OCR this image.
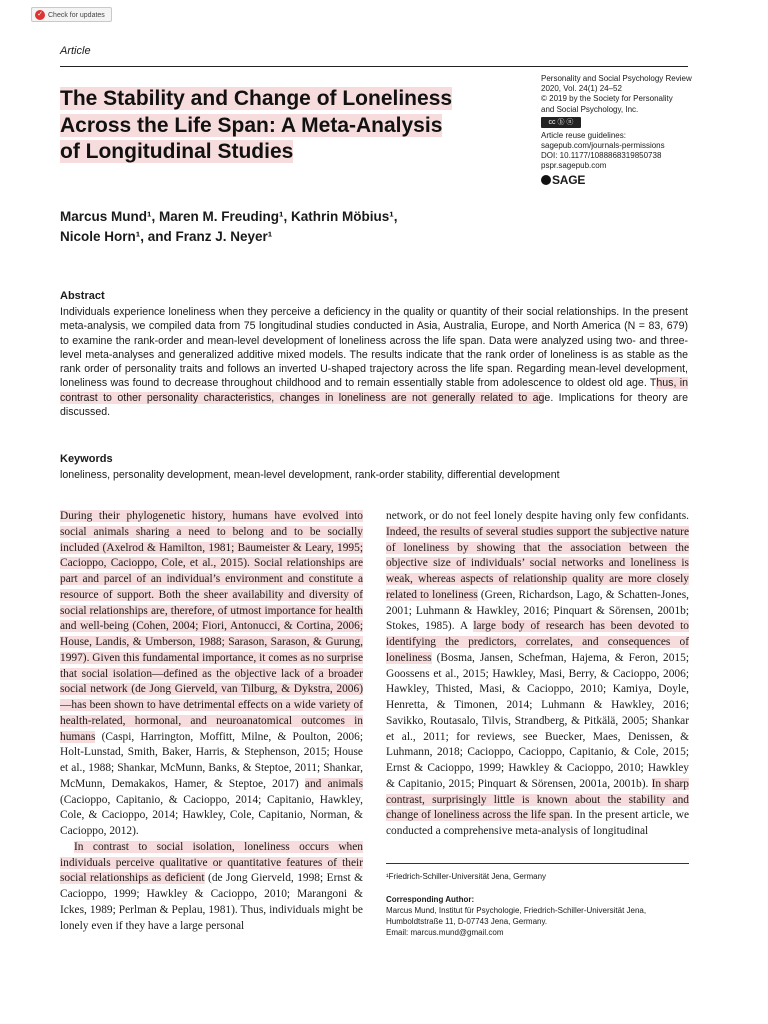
✓ Check for updates
Article
The Stability and Change of Loneliness
Across the Life Span: A Meta-Analysis
of Longitudinal Studies
Personality and Social Psychology Review
2020, Vol. 24(1) 24–52
© 2019 by the Society for Personality
and Social Psychology, Inc.
cc ⓑ ⓝ
Article reuse guidelines:
sagepub.com/journals-permissions
DOI: 10.1177/1088868319850738
pspr.sagepub.com
SAGE
Marcus Mund¹, Maren M. Freuding¹, Kathrin Möbius¹,
Nicole Horn¹, and Franz J. Neyer¹
Abstract
Individuals experience loneliness when they perceive a deficiency in the quality or quantity of their social relationships. In the present meta-analysis, we compiled data from 75 longitudinal studies conducted in Asia, Australia, Europe, and North America (N = 83, 679) to examine the rank-order and mean-level development of loneliness across the life span. Data were analyzed using two- and three-level meta-analyses and generalized additive mixed models. The results indicate that the rank order of loneliness is as stable as the rank order of personality traits and follows an inverted U-shaped trajectory across the life span. Regarding mean-level development, loneliness was found to decrease throughout childhood and to remain essentially stable from adolescence to oldest old age. Thus, in contrast to other personality characteristics, changes in loneliness are not generally related to age. Implications for theory are discussed.
Keywords
loneliness, personality development, mean-level development, rank-order stability, differential development

During their phylogenetic history, humans have evolved into social animals sharing a need to belong and to be socially included (Axelrod & Hamilton, 1981; Baumeister & Leary, 1995; Cacioppo, Cacioppo, Cole, et al., 2015). Social relationships are part and parcel of an individual’s environment and constitute a resource of support. Both the sheer availability and diversity of social relationships are, therefore, of utmost importance for health and well-being (Cohen, 2004; Fiori, Antonucci, & Cortina, 2006; House, Landis, & Umberson, 1988; Sarason, Sarason, & Gurung, 1997). Given this fundamental importance, it comes as no surprise that social isolation—defined as the objective lack of a broader social network (de Jong Gierveld, van Tilburg, & Dykstra, 2006)—has been shown to have detrimental effects on a wide variety of health-related, hormonal, and neuroanatomical outcomes in humans (Caspi, Harrington, Moffitt, Milne, & Poulton, 2006; Holt-Lunstad, Smith, Baker, Harris, & Stephenson, 2015; House et al., 1988; Shankar, McMunn, Banks, & Steptoe, 2011; Shankar, McMunn, Demakakos, Hamer, & Steptoe, 2017) and animals (Cacioppo, Capitanio, & Cacioppo, 2014; Capitanio, Hawkley, Cole, & Cacioppo, 2014; Hawkley, Cole, Capitanio, Norman, & Cacioppo, 2012).

In contrast to social isolation, loneliness occurs when individuals perceive qualitative or quantitative features of their social relationships as deficient (de Jong Gierveld, 1998; Ernst & Cacioppo, 1999; Hawkley & Cacioppo, 2010; Marangoni & Ickes, 1989; Perlman & Peplau, 1981). Thus, individuals might be lonely even if they have a large personal

network, or do not feel lonely despite having only few confidants. Indeed, the results of several studies support the subjective nature of loneliness by showing that the association between the objective size of individuals’ social networks and loneliness is weak, whereas aspects of relationship quality are more closely related to loneliness (Green, Richardson, Lago, & Schatten-Jones, 2001; Luhmann & Hawkley, 2016; Pinquart & Sörensen, 2001b; Stokes, 1985). A large body of research has been devoted to identifying the predictors, correlates, and consequences of loneliness (Bosma, Jansen, Schefman, Hajema, & Feron, 2015; Goossens et al., 2015; Hawkley, Masi, Berry, & Cacioppo, 2006; Hawkley, Thisted, Masi, & Cacioppo, 2010; Kamiya, Doyle, Henretta, & Timonen, 2014; Luhmann & Hawkley, 2016; Savikko, Routasalo, Tilvis, Strandberg, & Pitkälä, 2005; Shankar et al., 2011; for reviews, see Buecker, Maes, Denissen, & Luhmann, 2018; Cacioppo, Cacioppo, Capitanio, & Cole, 2015; Ernst & Cacioppo, 1999; Hawkley & Cacioppo, 2010; Hawkley & Capitanio, 2015; Pinquart & Sörensen, 2001a, 2001b). In sharp contrast, surprisingly little is known about the stability and change of loneliness across the life span. In the present article, we conducted a comprehensive meta-analysis of longitudinal

¹Friedrich-Schiller-Universität Jena, Germany
Corresponding Author:
Marcus Mund, Institut für Psychologie, Friedrich-Schiller-Universität Jena,
Humboldtstraße 11, D-07743 Jena, Germany.
Email: marcus.mund@gmail.com
